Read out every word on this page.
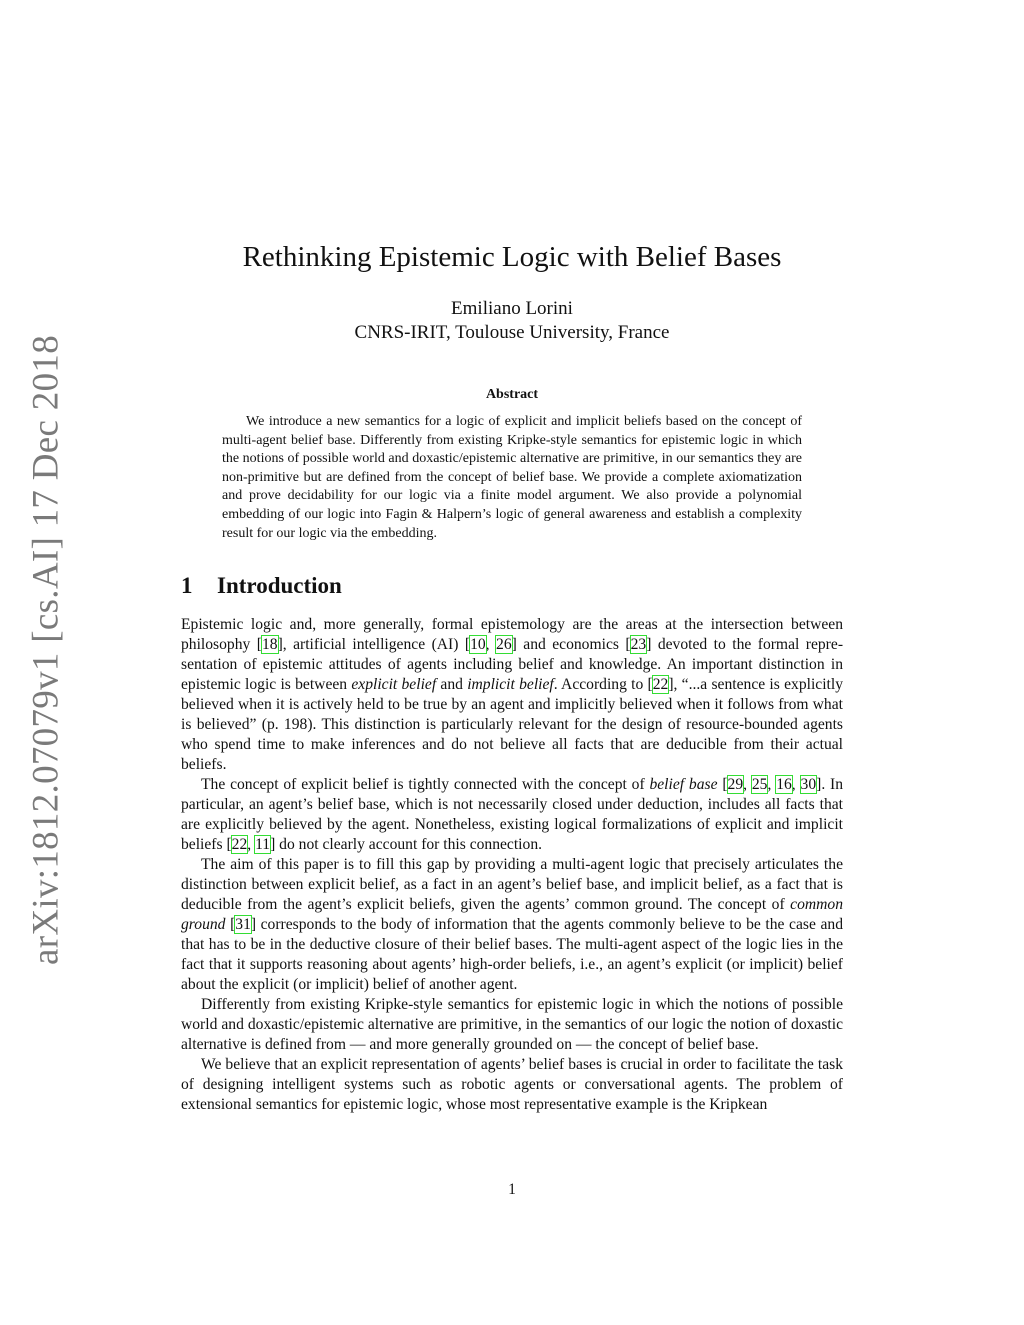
arXiv:1812.07079v1 [cs.AI] 17 Dec 2018
Rethinking Epistemic Logic with Belief Bases
Emiliano Lorini
CNRS-IRIT, Toulouse University, France
Abstract

We introduce a new semantics for a logic of explicit and implicit beliefs based on the concept of multi-agent belief base. Differently from existing Kripke-style semantics for epistemic logic in which the notions of possible world and doxastic/epistemic alternative are primitive, in our semantics they are non-primitive but are defined from the concept of belief base. We provide a complete axiomatization and prove decidability for our logic via a finite model argument. We also provide a polynomial embedding of our logic into Fagin & Halpern’s logic of general awareness and establish a complexity result for our logic via the embedding.

1 Introduction

Epistemic logic and, more generally, formal epistemology are the areas at the intersection between philosophy [18], artificial intelligence (AI) [10, 26] and economics [23] devoted to the formal representation of epistemic attitudes of agents including belief and knowledge. An important distinction in epistemic logic is between explicit belief and implicit belief. According to [22], “...a sentence is explicitly believed when it is actively held to be true by an agent and implicitly believed when it follows from what is believed” (p. 198). This distinction is particularly relevant for the design of resource-bounded agents who spend time to make inferences and do not believe all facts that are deducible from their actual beliefs.

The concept of explicit belief is tightly connected with the concept of belief base [29, 25, 16, 30]. In particular, an agent’s belief base, which is not necessarily closed under deduction, includes all facts that are explicitly believed by the agent. Nonetheless, existing logical formalizations of explicit and implicit beliefs [22, 11] do not clearly account for this connection.

The aim of this paper is to fill this gap by providing a multi-agent logic that precisely articulates the distinction between explicit belief, as a fact in an agent’s belief base, and implicit belief, as a fact that is deducible from the agent’s explicit beliefs, given the agents’ common ground. The concept of common ground [31] corresponds to the body of information that the agents commonly believe to be the case and that has to be in the deductive closure of their belief bases. The multi-agent aspect of the logic lies in the fact that it supports reasoning about agents’ high-order beliefs, i.e., an agent’s explicit (or implicit) belief about the explicit (or implicit) belief of another agent.

Differently from existing Kripke-style semantics for epistemic logic in which the notions of possible world and doxastic/epistemic alternative are primitive, in the semantics of our logic the notion of doxastic alternative is defined from — and more generally grounded on — the concept of belief base.

We believe that an explicit representation of agents’ belief bases is crucial in order to facilitate the task of designing intelligent systems such as robotic agents or conversational agents. The problem of extensional semantics for epistemic logic, whose most representative example is the Kripkean

1
